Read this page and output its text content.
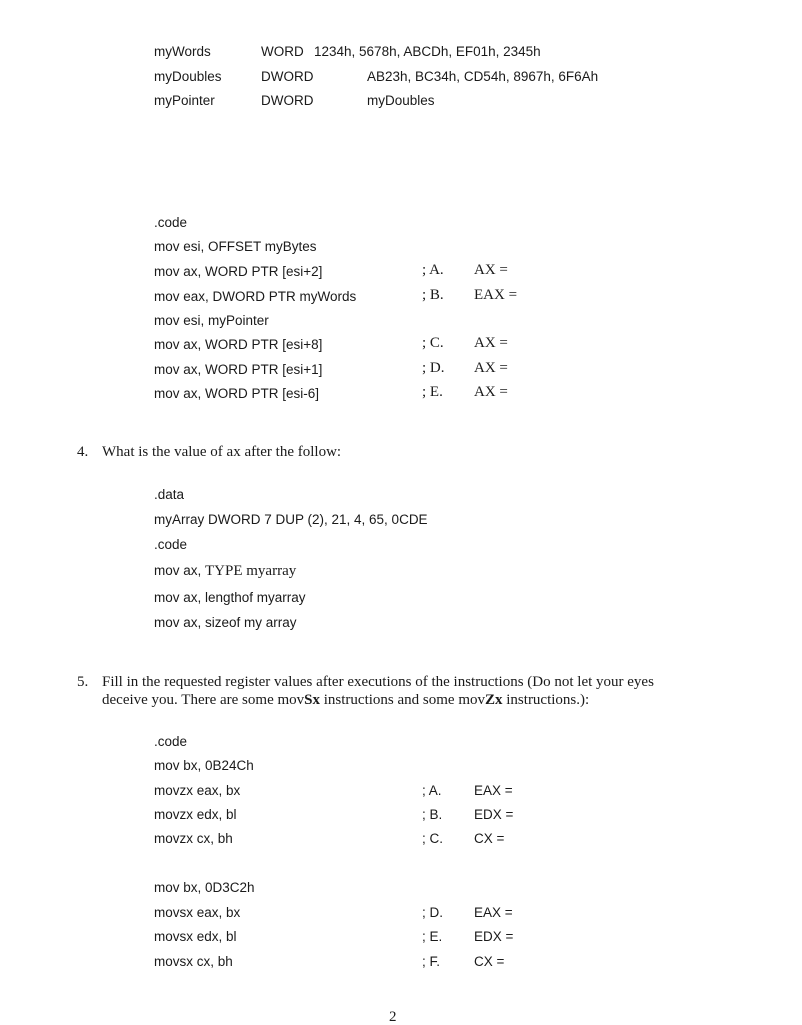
myWords	WORD 1234h, 5678h, ABCDh, EF01h, 2345h
myDoubles	DWORD	AB23h, BC34h, CD54h, 8967h, 6F6Ah
myPointer	DWORD	myDoubles
.code
mov esi, OFFSET myBytes
mov ax, WORD PTR [esi+2]	; A. AX =
mov eax, DWORD PTR myWords	; B. EAX =
mov esi, myPointer
mov ax, WORD PTR [esi+8]	; C. AX =
mov ax, WORD PTR [esi+1]	; D. AX =
mov ax, WORD PTR [esi-6]	; E. AX =
4. What is the value of ax after the follow:
.data
myArray DWORD 7 DUP (2), 21, 4, 65, 0CDE
.code
mov ax, TYPE myarray
mov ax, lengthof myarray
mov ax, sizeof my array
5. Fill in the requested register values after executions of the instructions (Do not let your eyes
deceive you. There are some movSx instructions and some movZx instructions.):
.code
mov bx, 0B24Ch
movzx eax, bx	; A. EAX =
movzx edx, bl	; B. EDX =
movzx cx, bh	; C. CX =
mov bx, 0D3C2h
movsx eax, bx	; D. EAX =
movsx edx, bl	; E. EDX =
movsx cx, bh	; F.	CX =
2
